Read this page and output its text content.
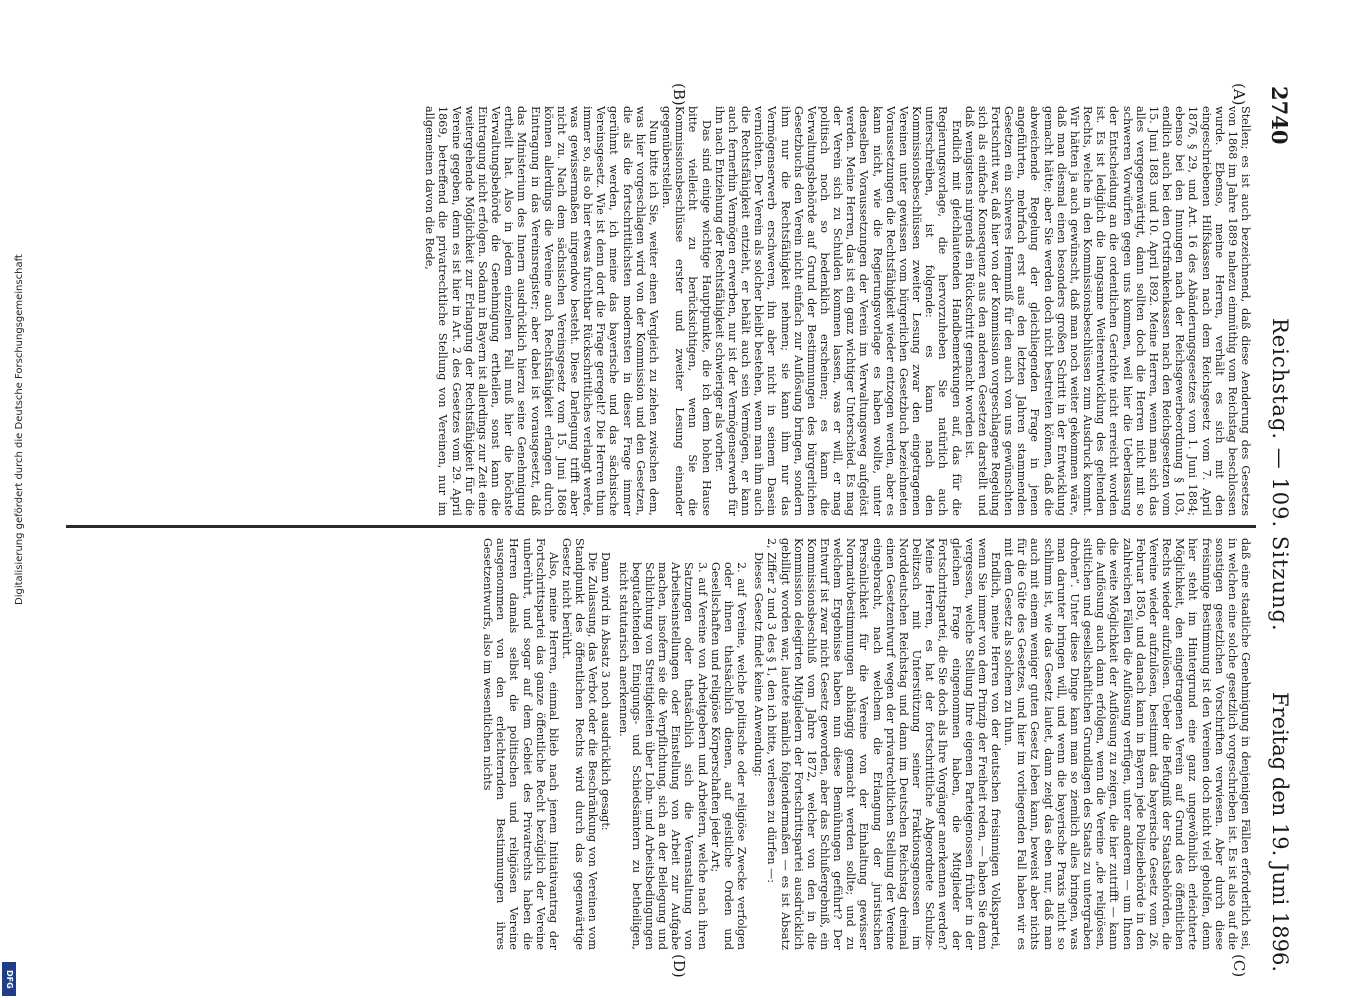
2740
Reichstag. — 109. Sitzung.
Freitag den 19. Juni 1896.
(A)
(B)
(C)
(D)

Stellen; es ist auch bezeichnend, daß diese Aenderung des Gesetzes von 1868 im Jahre 1889 nahezu einmüthig vom Reichstag beschlossen wurde. Ebenso, meine Herren, verhält es sich mit den eingeschriebenen Hilfskassen nach dem Reichsgesetz vom 7. April 1876, § 29, und Art. 16 des Abänderungsgesetzes vom 1. Juni 1884; ebenso bei den Innungen nach der Reichsgewerbeordnung § 103, endlich auch bei den Ortsfrankenkassen nach den Reichsgesetzen vom 15. Juni 1883 und 10. April 1892. Meine Herren, wenn man sich das alles vergegenwärtigt, dann sollten doch die Herren nicht mit so schweren Vorwürfen gegen uns kommen, weil hier die Ueberlassung der Entscheidung an die ordentlichen Gerichte nicht erreicht worden ist. Es ist lediglich die langsame Weiterentwicklung des geltenden Rechts, welche in den Kommissionsbeschlüssen zum Ausdruck kommt. Wir hätten ja auch gewünscht, daß man noch weiter gekommen wäre, daß man diesmal einen besonders großen Schritt in der Entwicklung gemacht hätte; aber Sie werden doch nicht bestreiten können, daß die abweichende Regelung der gleichliegenden Frage in jenen angeführten, mehrfach erst aus den letzten Jahren stammenden Gesetzen ein schweres Hemmniß für den auch von uns gewünschten Fortschritt war, daß hier von der Kommission vorgeschlagene Regelung sich als einfache Konsequenz aus den anderen Gesetzen darstellt und daß wenigstens nirgends ein Rückschritt gemacht worden ist.

Endlich mit gleichlautenden Handbemerkungen auf, das für die Regierungsvorlage, die hervorzuheben Sie natürlich auch unterschreiben, ist folgende: es kann nach den Kommissionsbeschlüssen zweiter Lesung zwar den eingetragenen Vereinen unter gewissen vom bürgerlichen Gesetzbuch bezeichneten Voraussetzungen die Rechtsfähigkeit wieder entzogen werden, aber es kann nicht, wie die Regierungsvorlage es haben wollte, unter denselben Voraussetzungen der Verein im Verwaltungsweg aufgelöst werden. Meine Herren, das ist ein ganz wichtiger Unterschied. Es mag der Verein sich zu Schulden kommen lassen, was er will, er mag politisch noch so bedenklich erscheinen; es kann die Verwaltungsbehörde auf Grund der Bestimmungen des bürgerlichen Gesetzbuchs den Verein nicht einfach zur Auflösung bringen, sondern ihm nur die Rechtsfähigkeit nehmen; sie kann ihm nur das Vermögenserwerb erschweren, ihn aber nicht in seinem Dasein vernichten. Der Verein als solcher bleibt bestehen, wenn man ihm auch die Rechtsfähigkeit entzieht, er behält auch sein Vermögen, er kann auch fernerhin Vermögen erwerben, nur ist der Vermögenserwerb für ihn nach Entziehung der Rechtsfähigkeit schwieriger als vorher.

Das sind einige wichtige Hauptpunkte, die ich dem hohen Hause bitte vielleicht zu berücksichtigen, wenn Sie die Kommissionsbeschlüsse erster und zweiter Lesung einander gegenüberstellen.

Nun bitte ich Sie, weiter einen Vergleich zu ziehen zwischen dem, was hier vorgeschlagen wird von der Kommission und den Gesetzen, die als die fortschrittlichsten modernsten in dieser Frage immer gerühmt werden, ich meine das bayerische und das sächsische Vereinsgesetz. Wie ist denn dort die Frage geregelt? Die Herren thun immer so, als ob hier etwas furchtbar Rückschrittliches verlangt werde, was gewissermaßen nirgendwo besteht. Diese Darlegung trifft aber nicht zu. Nach dem sächsischen Vereinsgesetz vom 15. Juni 1868 können allerdings die Vereine auch Rechtsfähigkeit erlangen durch Eintragung in das Vereinsregister; aber dabei ist vorausgesetzt, daß das Ministerium des Innern ausdrücklich hierzu seine Genehmigung ertheilt hat. Also in jedem einzelnen Fall muß hier die höchste Verwaltungsbehörde die Genehmigung ertheilen, sonst kann die Eintragung nicht erfolgen. Sodann in Bayern ist allerdings zur Zeit eine weitergehende Möglichkeit zur Erlangung der Rechtsfähigkeit für die Vereine gegeben, denn es ist hier in Art. 2 des Gesetzes vom 29. April 1869, betreffend die privatrechtliche Stellung von Vereinen, nur im allgemeinen davon die Rede,

daß eine staatliche Genehmigung in denjenigen Fällen erforderlich sei, in welchen eine solche gesetzlich vorgeschrieben ist. Es ist also auf die sonstigen gesetzlichen Vorschriften verwiesen. Aber durch diese freisinnige Bestimmung ist den Vereinen doch nicht viel geholfen, denn hier steht im Hintergrund eine ganz ungewöhnlich erleichterte Möglichkeit, den eingetragenen Verein auf Grund des öffentlichen Rechts wieder aufzulösen. Ueber die Befugniß der Staatsbehörden, die Vereine wieder aufzulösen, bestimmt das bayerische Gesetz vom 26. Februar 1850, und danach kann in Bayern jede Polizeibehörde in den zahlreichen Fällen die Auflösung verfügen, unter anderem — um Ihnen die weite Möglichkeit der Auflösung zu zeigen, die hier zutrifft — kann die Auflösung auch dann erfolgen, wenn die Vereine „die religiösen, sittlichen und gesellschaftlichen Grundlagen des Staats zu untergraben drohen“. Unter diese Dinge kann man so ziemlich alles bringen, was man darunter bringen will, und wenn die bayerische Praxis nicht so schlimm ist, wie das Gesetz lautet, dann zeigt das eben nur, daß man auch mit einem weniger guten Gesetz leben kann, beweist aber nichts für die Güte des Gesetzes, und hier im vorliegenden Fall haben wir es mit dem Gesetz als solchem zu thun.

Endlich, meine Herren von der deutschen freisinnigen Volkspartei, wenn Sie immer von dem Prinzip der Freiheit reden, — haben Sie denn vergessen, welche Stellung Ihre eigenen Parteigenossen früher in der gleichen Frage eingenommen haben, die Mitglieder der Fortschrittspartei, die Sie doch als Ihre Vorgänger anerkennen werden? Meine Herren, es hat der fortschrittliche Abgeordnete Schulze-Delitzsch mit Unterstützung seiner Fraktionsgenossen im Norddeutschen Reichstag und dann im Deutschen Reichstag dreimal einen Gesetzentwurf wegen der privatrechtlichen Stellung der Vereine eingebracht, nach welchem die Erlangung der juristischen Persönlichkeit für die Vereine von der Einhaltung gewisser Normativbestimmungen abhängig gemacht werden sollte; und zu welchem Ergebnisse haben nun diese Bemühungen geführt? Der Entwurf ist zwar nicht Gesetz geworden, aber das Schlußergebniß, ein Kommissionsbeschluß vom Jahre 1872, welcher von den in die Kommission delegirten Mitgliedern der Fortschrittspartei ausdrücklich gebilligt worden war, lautete nämlich folgendermaßen — es ist Absatz 2, Ziffer 2 und 3 des § 1, den ich bitte, verlesen zu dürfen —:

Dieses Gesetz findet keine Anwendung:

2. auf Vereine, welche politische oder religiöse Zwecke verfolgen oder ihnen thatsächlich dienen, auf geistliche Orden und Gesellschaften und religiöse Körperschaften jeder Art;
3. auf Vereine von Arbeitgebern und Arbeitern, welche nach ihren Satzungen oder thatsächlich sich die Veranstaltung von Arbeitseinstellungen oder Einstellung von Arbeit zur Aufgabe machen, insofern sie die Verpflichtung, sich an der Beilegung und Schlichtung von Streitigkeiten über Lohn- und Arbeitsbedingungen begutachtenden Einigungs- und Schiedsämtern zu betheiligen, nicht statutarisch anerkennen.

Dann wird in Absatz 3 noch ausdrücklich gesagt:

Die Zulassung, das Verbot oder die Beschränkung von Vereinen vom Standpunkt des öffentlichen Rechts wird durch das gegenwärtige Gesetz nicht berührt.

Also, meine Herren, einmal blieb nach jenem Initiativantrag der Fortschrittspartei das ganze öffentliche Recht bezüglich der Vereine unberührt, und sogar auf dem Gebiet des Privatrechts haben die Herren damals selbst die politischen und religiösen Vereine ausgenommen von den erleichternden Bestimmungen ihres Gesetzentwurfs, also im wesentlichen nichts

Digitalisierung gefördert durch die Deutsche Forschungsgemeinschaft
DFG
